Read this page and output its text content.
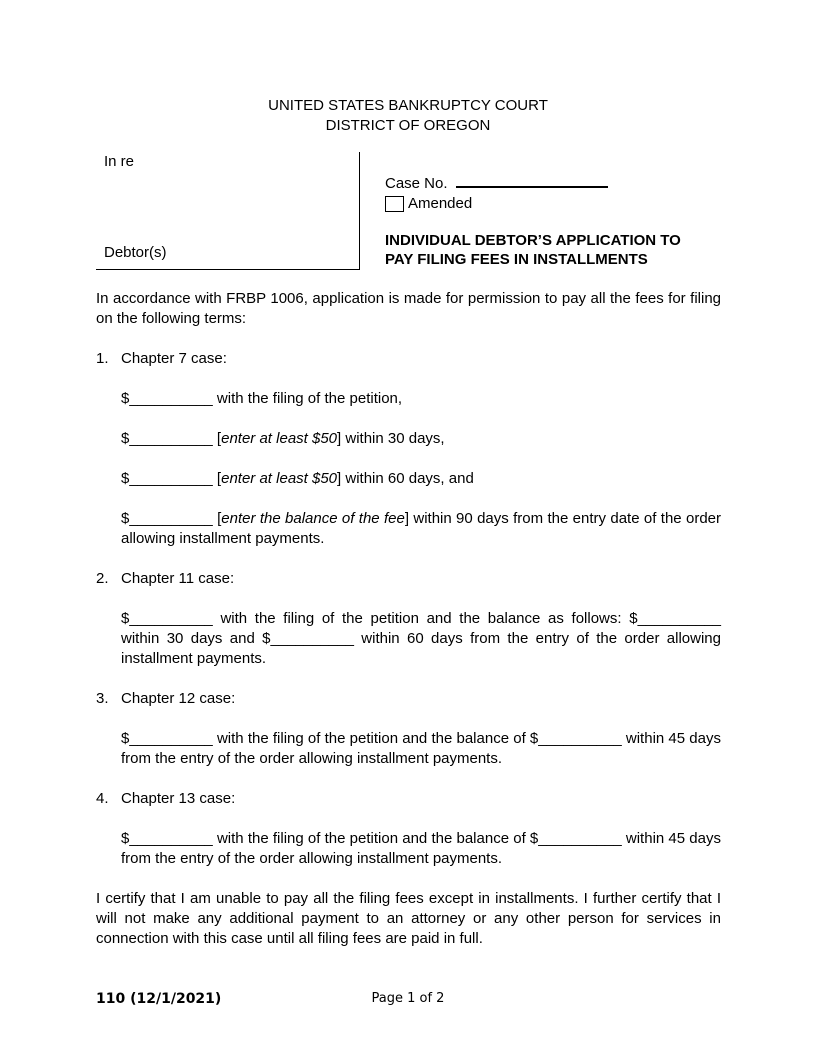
UNITED STATES BANKRUPTCY COURT
DISTRICT OF OREGON
In re
Debtor(s)
Case No.
Amended
INDIVIDUAL DEBTOR’S APPLICATION TO
PAY FILING FEES IN INSTALLMENTS

In accordance with FRBP 1006, application is made for permission to pay all the fees for filing on the following terms:

1. Chapter 7 case:
$__________ with the filing of the petition,
$__________ [enter at least $50] within 30 days,
$__________ [enter at least $50] within 60 days, and
$__________ [enter the balance of the fee] within 90 days from the entry date of the order allowing installment payments.
2. Chapter 11 case:
$__________ with the filing of the petition and the balance as follows: $__________ within 30 days and $__________ within 60 days from the entry of the order allowing installment payments.
3. Chapter 12 case:
$__________ with the filing of the petition and the balance of $__________ within 45 days from the entry of the order allowing installment payments.
4. Chapter 13 case:
$__________ with the filing of the petition and the balance of $__________ within 45 days from the entry of the order allowing installment payments.

I certify that I am unable to pay all the filing fees except in installments. I further certify that I will not make any additional payment to an attorney or any other person for services in connection with this case until all filing fees are paid in full.

110 (12/1/2021)	Page 1 of 2
